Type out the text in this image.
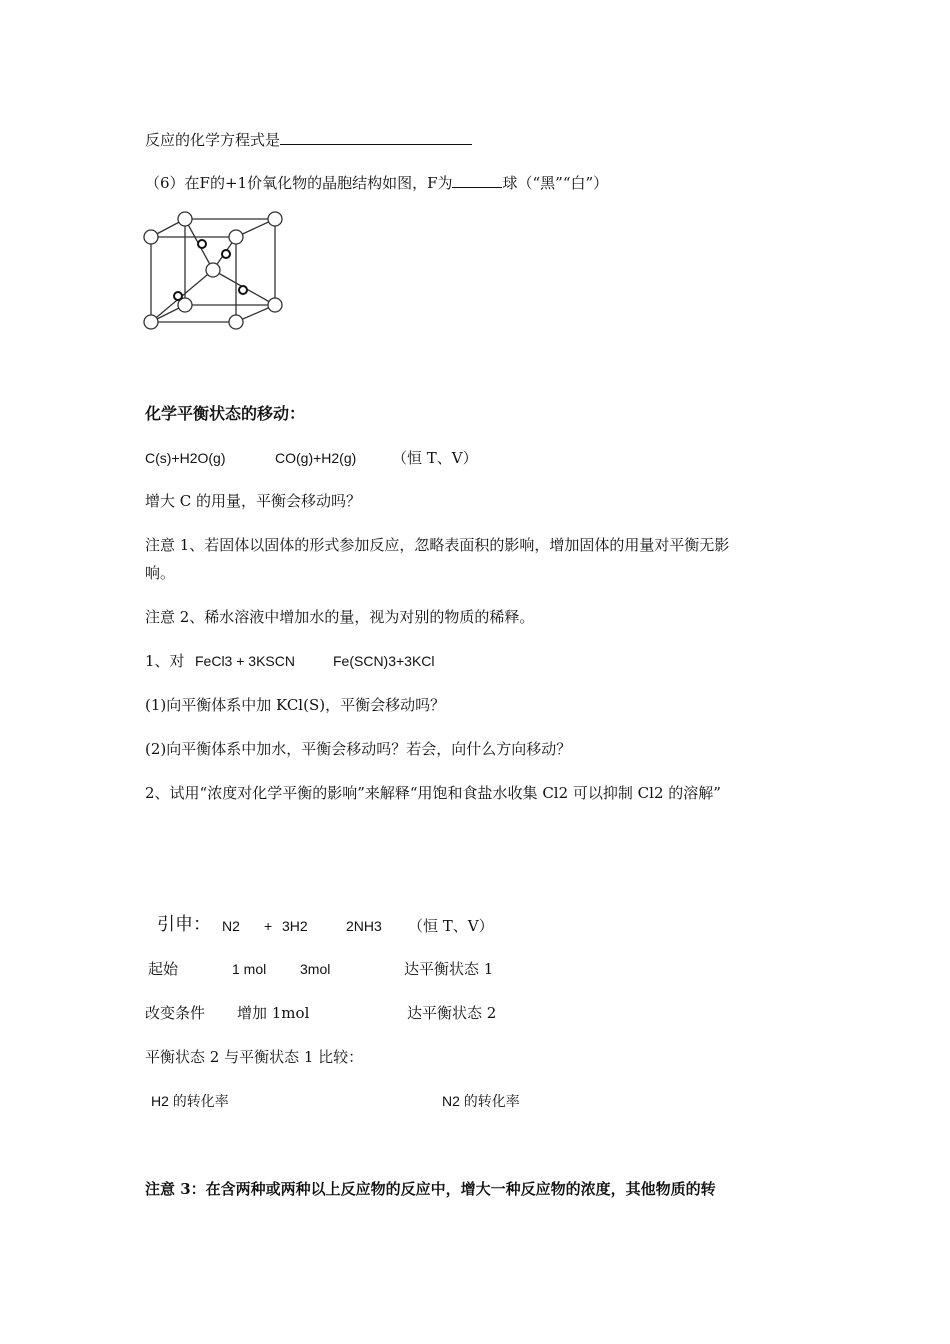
反应的化学方程式是
（6）在F的+1价氧化物的晶胞结构如图，F为	球（“黑”“白”）
化学平衡状态的移动：
C(s)+H2O(g)	CO(g)+H2(g) （恒 T、V）
增大 C 的用量，平衡会移动吗？
注意 1、若固体以固体的形式参加反应，忽略表面积的影响，增加固体的用量对平衡无影
响。
注意 2、稀水溶液中增加水的量，视为对别的物质的稀释。
1、对 FeCl3 + 3KSCN	Fe(SCN)3+3KCl
(1)向平衡体系中加 KCl(S)，平衡会移动吗？
(2)向平衡体系中加水，平衡会移动吗？若会，向什么方向移动？
2、试用“浓度对化学平衡的影响”来解释“用饱和食盐水收集 Cl2 可以抑制 Cl2 的溶解”
引申： N2 + 3H2	2NH3 （恒 T、V）
起始	1 mol 3mol	达平衡状态 1
改变条件 增加 1mol	达平衡状态 2
平衡状态 2 与平衡状态 1 比较：
H2 的转化率	N2 的转化率
注意 3：在含两种或两种以上反应物的反应中，增大一种反应物的浓度，其他物质的转
